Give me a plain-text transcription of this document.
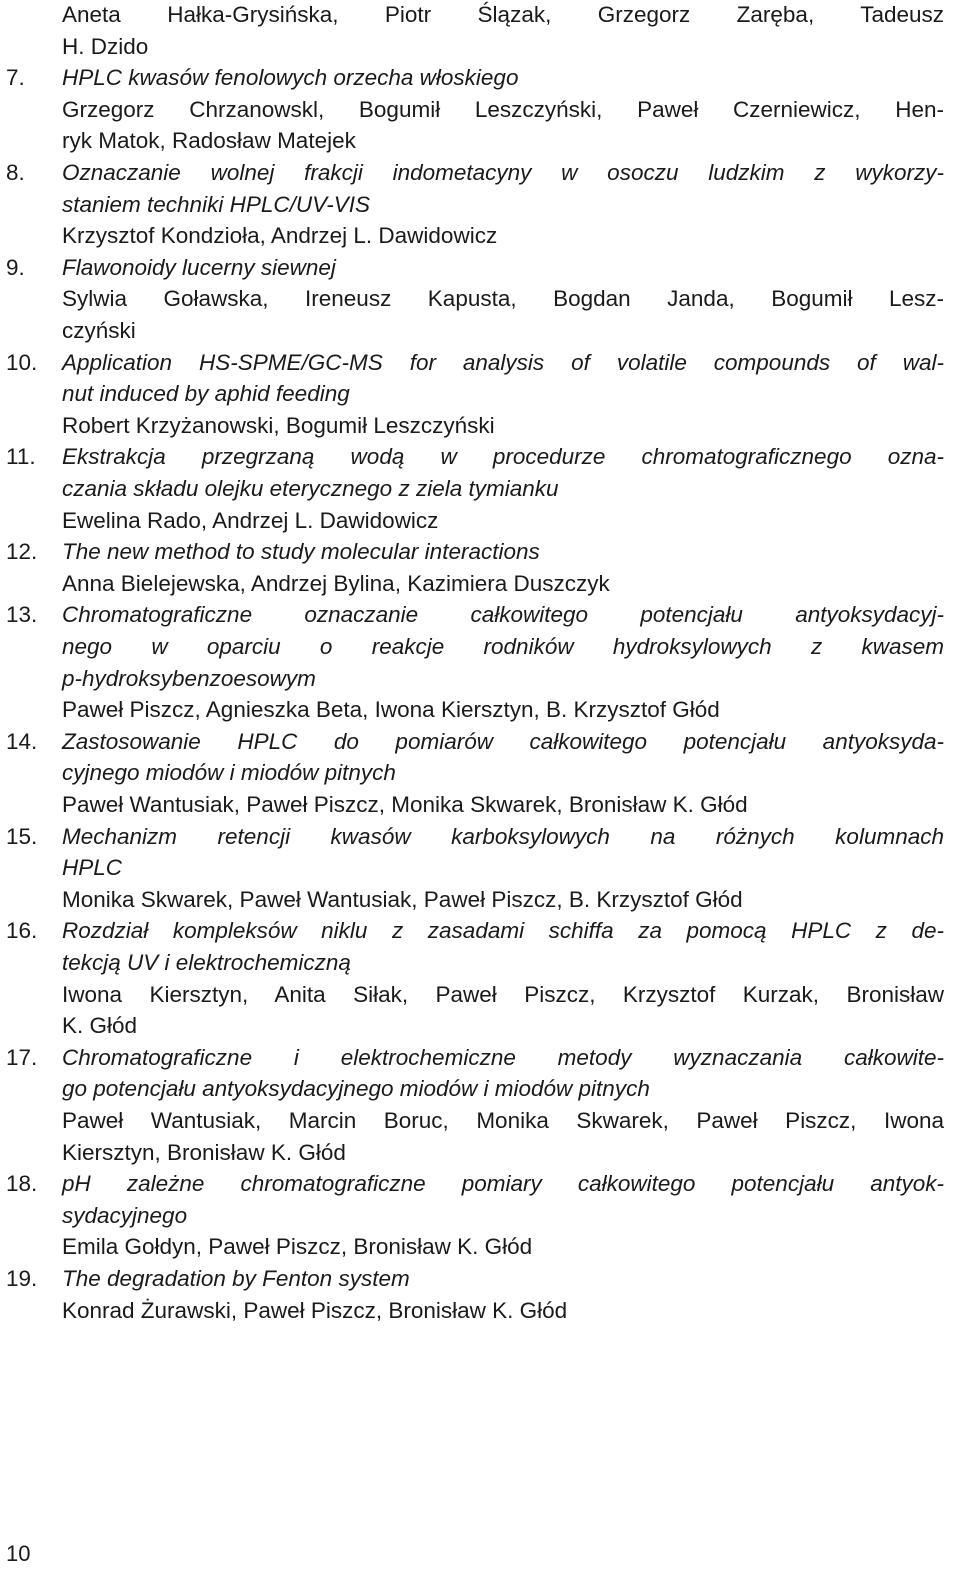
Aneta Hałka-Grysińska, Piotr Ślązak, Grzegorz Zaręba, Tadeusz
H. Dzido
7. HPLC kwasów fenolowych orzecha włoskiego
Grzegorz Chrzanowskl, Bogumił Leszczyński, Paweł Czerniewicz, Hen-
ryk Matok, Radosław Matejek
8. Oznaczanie wolnej frakcji indometacyny w osoczu ludzkim z wykorzy-
staniem techniki HPLC/UV-VIS
Krzysztof Kondzioła, Andrzej L. Dawidowicz
9. Flawonoidy lucerny siewnej
Sylwia Goławska, Ireneusz Kapusta, Bogdan Janda, Bogumił Lesz-
czyński
10. Application HS-SPME/GC-MS for analysis of volatile compounds of wal-
nut induced by aphid feeding
Robert Krzyżanowski, Bogumił Leszczyński
11. Ekstrakcja przegrzaną wodą w procedurze chromatograficznego ozna-
czania składu olejku eterycznego z ziela tymianku
Ewelina Rado, Andrzej L. Dawidowicz
12. The new method to study molecular interactions
Anna Bielejewska, Andrzej Bylina, Kazimiera Duszczyk
13. Chromatograficzne oznaczanie całkowitego potencjału antyoksydacyj-
nego w oparciu o reakcje rodników hydroksylowych z kwasem
p-hydroksybenzoesowym
Paweł Piszcz, Agnieszka Beta, Iwona Kiersztyn, B. Krzysztof Głód
14. Zastosowanie HPLC do pomiarów całkowitego potencjału antyoksyda-
cyjnego miodów i miodów pitnych
Paweł Wantusiak, Paweł Piszcz, Monika Skwarek, Bronisław K. Głód
15. Mechanizm retencji kwasów karboksylowych na różnych kolumnach
HPLC
Monika Skwarek, Paweł Wantusiak, Paweł Piszcz, B. Krzysztof Głód
16. Rozdział kompleksów niklu z zasadami schiffa za pomocą HPLC z de-
tekcją UV i elektrochemiczną
Iwona Kiersztyn, Anita Siłak, Paweł Piszcz, Krzysztof Kurzak, Bronisław
K. Głód
17. Chromatograficzne i elektrochemiczne metody wyznaczania całkowite-
go potencjału antyoksydacyjnego miodów i miodów pitnych
Paweł Wantusiak, Marcin Boruc, Monika Skwarek, Paweł Piszcz, Iwona
Kiersztyn, Bronisław K. Głód
18. pH zależne chromatograficzne pomiary całkowitego potencjału antyok-
sydacyjnego
Emila Gołdyn, Paweł Piszcz, Bronisław K. Głód
19. The degradation by Fenton system
Konrad Żurawski, Paweł Piszcz, Bronisław K. Głód
10
